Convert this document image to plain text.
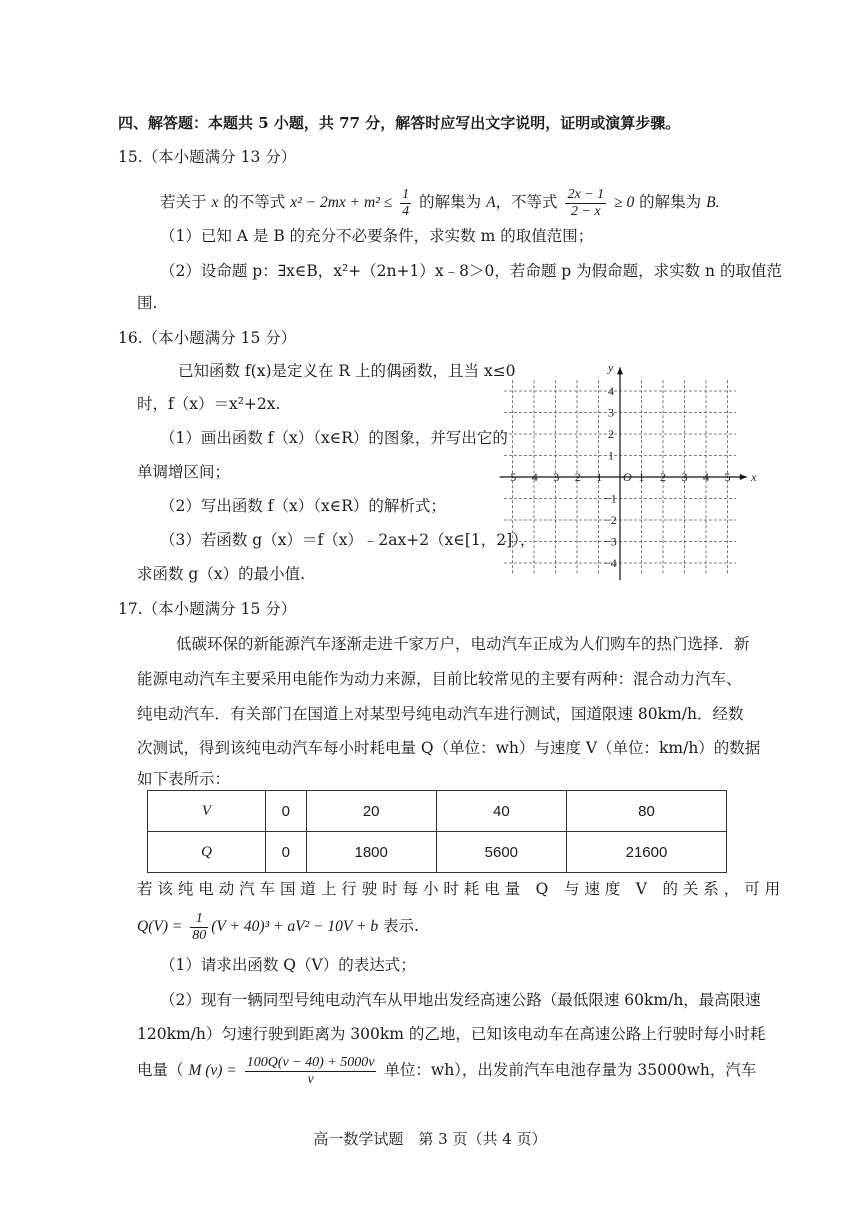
四、解答题：本题共 5 小题，共 77 分，解答时应写出文字说明，证明或演算步骤。
15.（本小题满分 13 分）
若关于 x 的不等式 $x^2 - 2mx + m^2 \le \frac{1}{4}$ 的解集为 A，不等式 $\frac{2x - 1}{2 - x} \ge 0$ 的解集为 B.
（1）已知 A 是 B 的充分不必要条件，求实数 m 的取值范围；
（2）设命题 p：∃x∈B，x²+（2n+1）x﹣8＞0，若命题 p 为假命题，求实数 n 的取值范
围.
16.（本小题满分 15 分）
已知函数 f(x)是定义在 R 上的偶函数，且当 x≤0
时，f（x）＝x²+2x.
（1）画出函数 f（x）（x∈R）的图象，并写出它的
单调增区间；
（2）写出函数 f（x）（x∈R）的解析式；
（3）若函数 g（x）＝f（x）﹣2ax+2（x∈[1，2]），
求函数 g（x）的最小值.
x
y
O
−5 −4 −3 −2 −1	1 2 3 4 5
1
2
3
4
−1
−2
−3
−4
17.（本小题满分 15 分）
低碳环保的新能源汽车逐渐走进千家万户，电动汽车正成为人们购车的热门选择．新
能源电动汽车主要采用电能作为动力来源，目前比较常见的主要有两种：混合动力汽车、
纯电动汽车．有关部门在国道上对某型号纯电动汽车进行测试，国道限速 80km/h．经数
次测试，得到该纯电动汽车每小时耗电量 Q（单位：wh）与速度 V（单位：km/h）的数据
如下表所示：
V	0	20	40	80
Q	0	1800	5600	21600
若 该 纯 电 动 汽 车 国 道 上 行 驶 时 每 小 时 耗 电 量　Q　与 速 度　V　的 关 系 ， 可 用
$Q(V) = \frac{1}{80} (V + 40)^3 + aV^2 - 10V + b$ 表示.
（1）请求出函数 Q（V）的表达式；
（2）现有一辆同型号纯电动汽车从甲地出发经高速公路（最低限速 60km/h，最高限速
120km/h）匀速行驶到距离为 300km 的乙地，已知该电动车在高速公路上行驶时每小时耗
电量（ M $(v) = \frac{100Q(v - 40) + 5000v}{v}$ 单位：wh），出发前汽车电池存量为 35000wh，汽车
高一数学试题　第 3 页（共 4 页）
